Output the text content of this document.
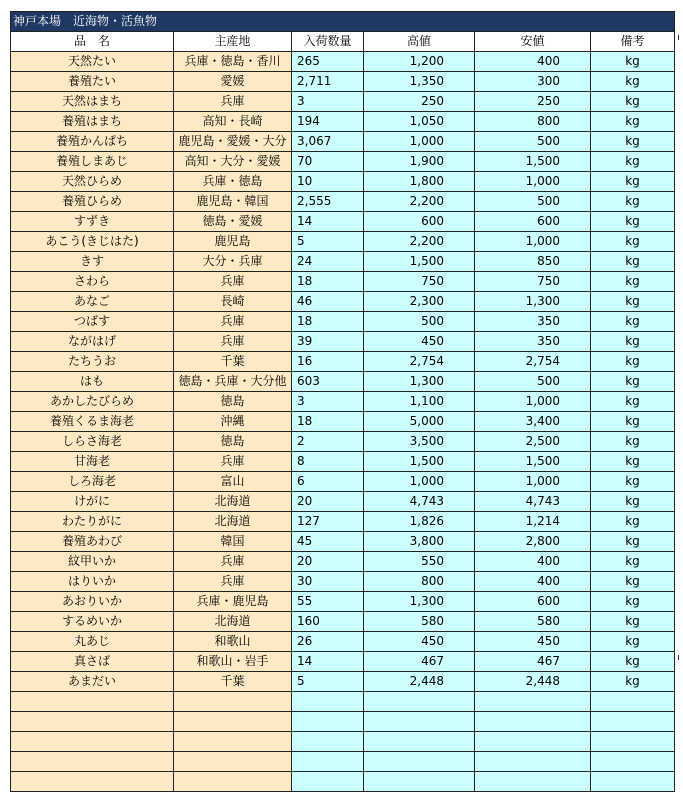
神戸本場　近海物・活魚物					
品　名	主産地	入荷数量	高値	安値	備考
天然たい	兵庫・徳島・香川	265	1,200	400	kg
養殖たい	愛媛	2,711	1,350	300	kg
天然はまち	兵庫	3	250	250	kg
養殖はまち	高知・長崎	194	1,050	800	kg
養殖かんぱち	鹿児島・愛媛・大分	3,067	1,000	500	kg
養殖しまあじ	高知・大分・愛媛	70	1,900	1,500	kg
天然ひらめ	兵庫・徳島	10	1,800	1,000	kg
養殖ひらめ	鹿児島・韓国	2,555	2,200	500	kg
すずき	徳島・愛媛	14	600	600	kg
あこう(きじはた)	鹿児島	5	2,200	1,000	kg
きす	大分・兵庫	24	1,500	850	kg
さわら	兵庫	18	750	750	kg
あなご	長崎	46	2,300	1,300	kg
つばす	兵庫	18	500	350	kg
ながはげ	兵庫	39	450	350	kg
たちうお	千葉	16	2,754	2,754	kg
はも	徳島・兵庫・大分他	603	1,300	500	kg
あかしたびらめ	徳島	3	1,100	1,000	kg
養殖くるま海老	沖縄	18	5,000	3,400	kg
しらさ海老	徳島	2	3,500	2,500	kg
甘海老	兵庫	8	1,500	1,500	kg
しろ海老	富山	6	1,000	1,000	kg
けがに	北海道	20	4,743	4,743	kg
わたりがに	北海道	127	1,826	1,214	kg
養殖あわび	韓国	45	3,800	2,800	kg
紋甲いか	兵庫	20	550	400	kg
はりいか	兵庫	30	800	400	kg
あおりいか	兵庫・鹿児島	55	1,300	600	kg
するめいか	北海道	160	580	580	kg
丸あじ	和歌山	26	450	450	kg
真さば	和歌山・岩手	14	467	467	kg
あまだい	千葉	5	2,448	2,448	kg
